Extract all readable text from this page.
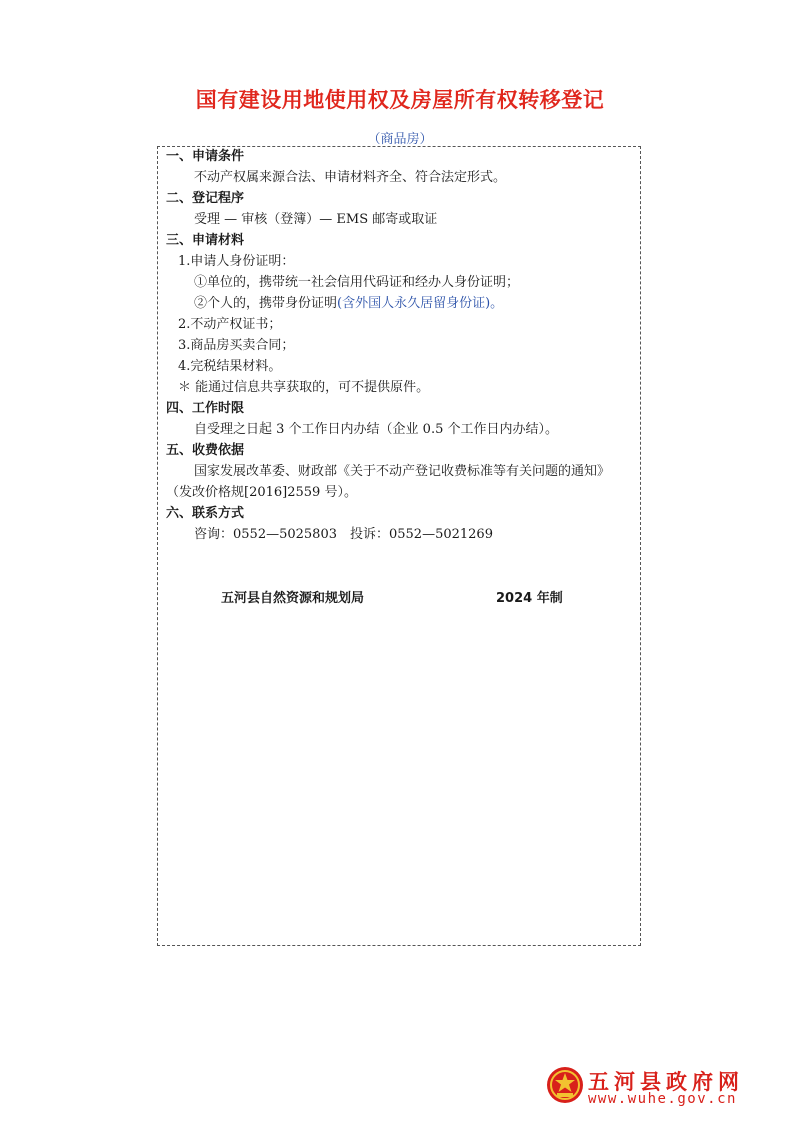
国有建设用地使用权及房屋所有权转移登记
（商品房）
一、申请条件
不动产权属来源合法、申请材料齐全、符合法定形式。
二、登记程序
受理 — 审核（登簿）— EMS 邮寄或取证
三、申请材料
1.申请人身份证明：
①单位的，携带统一社会信用代码证和经办人身份证明；
②个人的，携带身份证明(含外国人永久居留身份证)。
2.不动产权证书；
3.商品房买卖合同；
4.完税结果材料。
＊ 能通过信息共享获取的，可不提供原件。
四、工作时限
自受理之日起 3 个工作日内办结（企业 0.5 个工作日内办结）。
五、收费依据
国家发展改革委、财政部《关于不动产登记收费标准等有关问题的通知》
（发改价格规[2016]2559 号）。
六、联系方式
咨询：0552—5025803　投诉：0552—5021269
五河县自然资源和规划局	2024 年制
五河县政府网
www.wuhe.gov.cn
